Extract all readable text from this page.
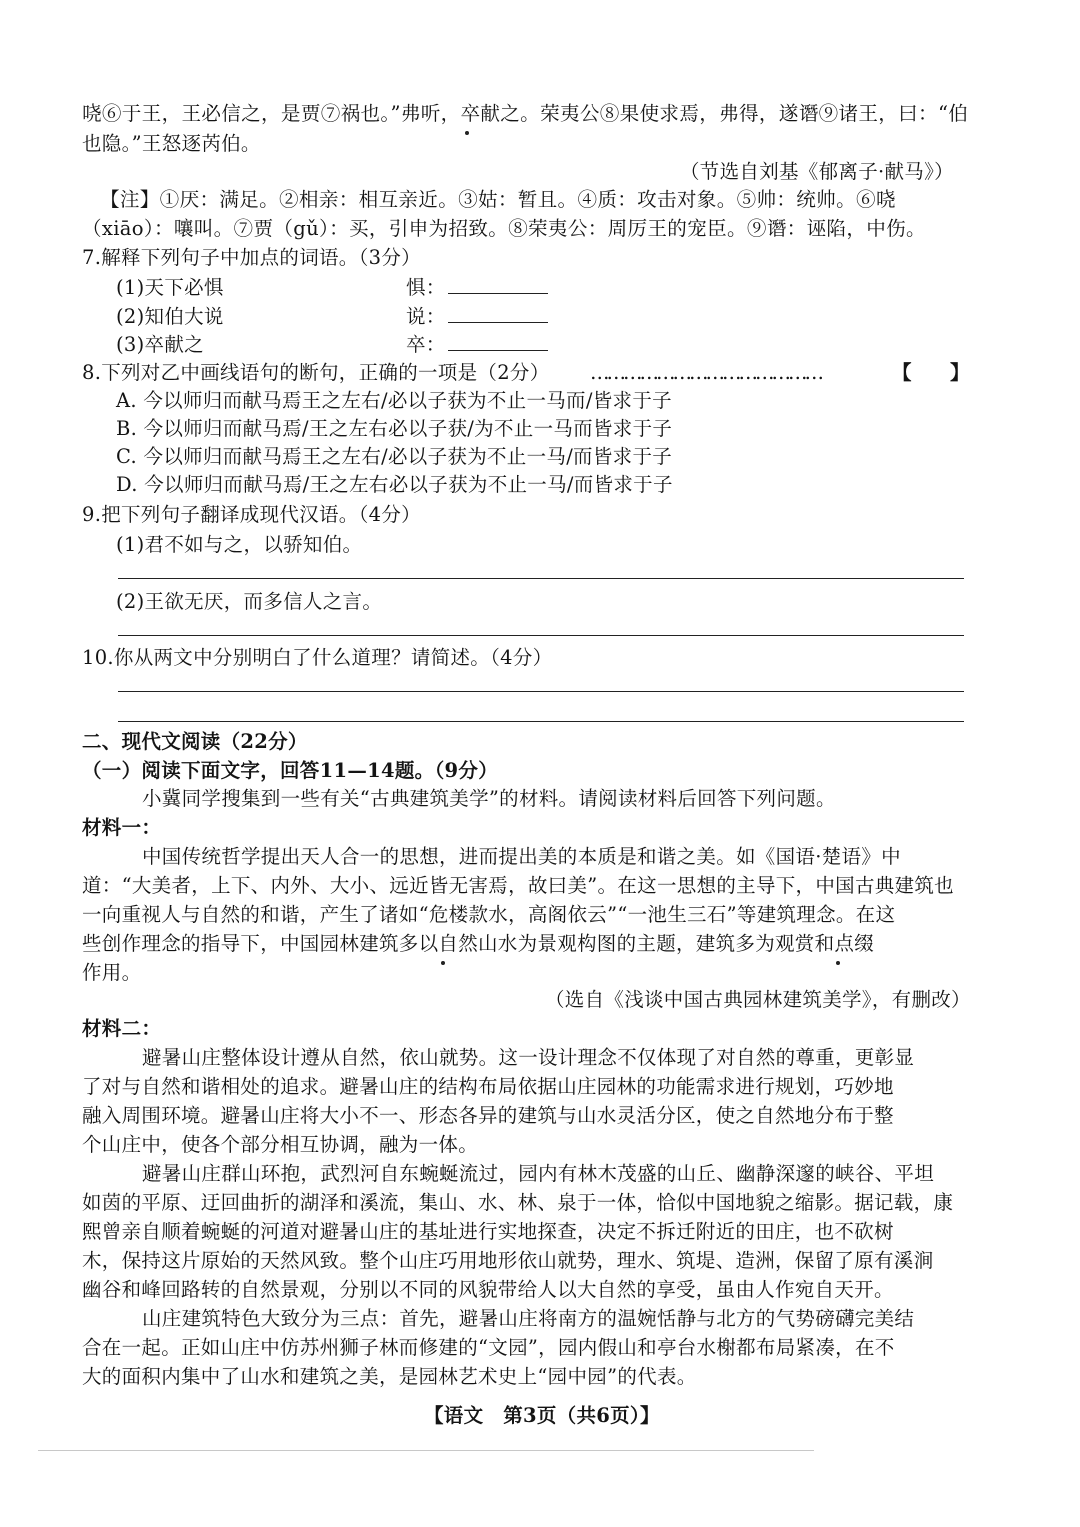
哓⑥于王，王必信之，是贾⑦祸也。”弗听，卒献之。荣夷公⑧果使求焉，弗得，遂谮⑨诸王，曰：“伯
也隐。”王怒逐芮伯。
（节选自刘基《郁离子·献马》）
【注】①厌：满足。②相亲：相互亲近。③姑：暂且。④质：攻击对象。⑤帅：统帅。⑥哓
（xiāo）：嚷叫。⑦贾（gǔ）：买，引申为招致。⑧荣夷公：周厉王的宠臣。⑨谮：诬陷，中伤。
7.解释下列句子中加点的词语。（3分）
(1)天下必惧	惧：
(2)知伯大说	说：
(3)卒献之	卒：
8.下列对乙中画线语句的断句，正确的一项是（2分） ……………………………………	【 】
A. 今以师归而献马焉王之左右/必以子获为不止一马而/皆求于子
B. 今以师归而献马焉/王之左右必以子获/为不止一马而皆求于子
C. 今以师归而献马焉王之左右/必以子获为不止一马/而皆求于子
D. 今以师归而献马焉/王之左右必以子获为不止一马/而皆求于子
9.把下列句子翻译成现代汉语。（4分）
(1)君不如与之，以骄知伯。
(2)王欲无厌，而多信人之言。
10.你从两文中分别明白了什么道理？请简述。（4分）
二、现代文阅读（22分）
（一）阅读下面文字，回答11—14题。（9分）
小冀同学搜集到一些有关“古典建筑美学”的材料。请阅读材料后回答下列问题。
材料一：
中国传统哲学提出天人合一的思想，进而提出美的本质是和谐之美。如《国语·楚语》中
道：“大美者，上下、内外、大小、远近皆无害焉，故曰美”。在这一思想的主导下，中国古典建筑也
一向重视人与自然的和谐，产生了诸如“危楼款水，高阁依云”“一池生三石”等建筑理念。在这
些创作理念的指导下，中国园林建筑多以自然山水为景观构图的主题，建筑多为观赏和点缀
作用。
（选自《浅谈中国古典园林建筑美学》，有删改）
材料二：
避暑山庄整体设计遵从自然，依山就势。这一设计理念不仅体现了对自然的尊重，更彰显
了对与自然和谐相处的追求。避暑山庄的结构布局依据山庄园林的功能需求进行规划，巧妙地
融入周围环境。避暑山庄将大小不一、形态各异的建筑与山水灵活分区，使之自然地分布于整
个山庄中，使各个部分相互协调，融为一体。
避暑山庄群山环抱，武烈河自东蜿蜒流过，园内有林木茂盛的山丘、幽静深邃的峡谷、平坦
如茵的平原、迂回曲折的湖泽和溪流，集山、水、林、泉于一体，恰似中国地貌之缩影。据记载，康
熙曾亲自顺着蜿蜒的河道对避暑山庄的基址进行实地探查，决定不拆迁附近的田庄，也不砍树
木，保持这片原始的天然风致。整个山庄巧用地形依山就势，理水、筑堤、造洲，保留了原有溪涧
幽谷和峰回路转的自然景观，分别以不同的风貌带给人以大自然的享受，虽由人作宛自天开。
山庄建筑特色大致分为三点：首先，避暑山庄将南方的温婉恬静与北方的气势磅礴完美结
合在一起。正如山庄中仿苏州狮子林而修建的“文园”，园内假山和亭台水榭都布局紧凑，在不
大的面积内集中了山水和建筑之美，是园林艺术史上“园中园”的代表。
【语文　第3页（共6页）】
